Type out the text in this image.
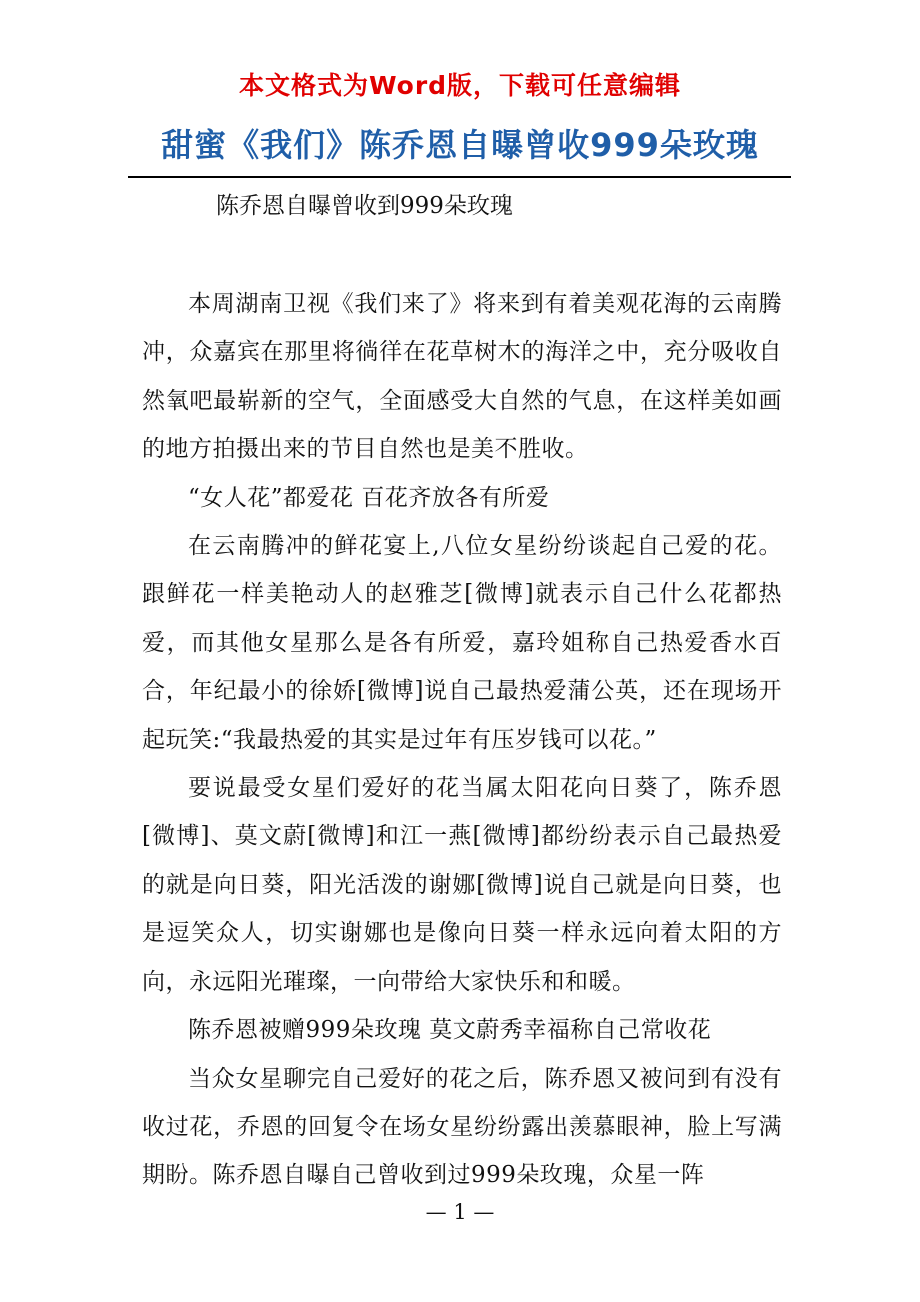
本文格式为Word版，下载可任意编辑
甜蜜《我们》陈乔恩自曝曾收999朵玫瑰
陈乔恩自曝曾收到999朵玫瑰

本周湖南卫视《我们来了》将来到有着美观花海的云南腾冲，众嘉宾在那里将徜徉在花草树木的海洋之中，充分吸收自然氧吧最崭新的空气，全面感受大自然的气息，在这样美如画的地方拍摄出来的节目自然也是美不胜收。

“女人花”都爱花 百花齐放各有所爱

在云南腾冲的鲜花宴上,八位女星纷纷谈起自己爱的花。跟鲜花一样美艳动人的赵雅芝[微博]就表示自己什么花都热爱，而其他女星那么是各有所爱，嘉玲姐称自己热爱香水百合，年纪最小的徐娇[微博]说自己最热爱蒲公英，还在现场开起玩笑:“我最热爱的其实是过年有压岁钱可以花。”

要说最受女星们爱好的花当属太阳花向日葵了，陈乔恩[微博]、莫文蔚[微博]和江一燕[微博]都纷纷表示自己最热爱的就是向日葵，阳光活泼的谢娜[微博]说自己就是向日葵，也是逗笑众人，切实谢娜也是像向日葵一样永远向着太阳的方向，永远阳光璀璨，一向带给大家快乐和和暖。

陈乔恩被赠999朵玫瑰 莫文蔚秀幸福称自己常收花

当众女星聊完自己爱好的花之后，陈乔恩又被问到有没有收过花，乔恩的回复令在场女星纷纷露出羡慕眼神，脸上写满期盼。陈乔恩自曝自己曾收到过999朵玫瑰，众星一阵

— 1 —
